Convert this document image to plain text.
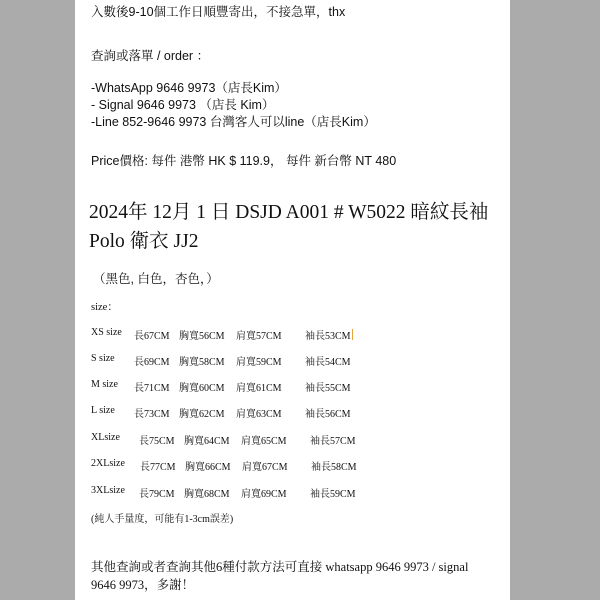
入數後9-10個工作日順豐寄出，不接急單，thx
查詢或落單 / order ：
-WhatsApp 9646 9973（店長Kim）
- Signal 9646 9973 （店長 Kim）
-Line 852-9646 9973 台灣客人可以line（店長Kim）
Price價格: 每件 港幣 HK $ 119.9， 每件 新台幣 NT 480
2024年 12月 1 日 DSJD A001 # W5022 暗紋長袖
Polo 衛衣 JJ2
（黑色, 白色，杏色，）
size：
XS size 長67CM 胸寬56CM 肩寬57CM 袖長53CM
S size 長69CM 胸寬58CM 肩寬59CM 袖長54CM
M size 長71CM 胸寬60CM 肩寬61CM 袖長55CM
L size 長73CM 胸寬62CM 肩寬63CM 袖長56CM
XLsize 長75CM 胸寬64CM 肩寬65CM 袖長57CM
2XLsize 長77CM 胸寬66CM 肩寬67CM 袖長58CM
3XLsize 長79CM 胸寬68CM 肩寬69CM 袖長59CM
(純人手量度，可能有1-3cm誤差)
其他查詢或者查詢其他6種付款方法可直接 whatsapp 9646 9973 / signal 9646 9973，多謝！
